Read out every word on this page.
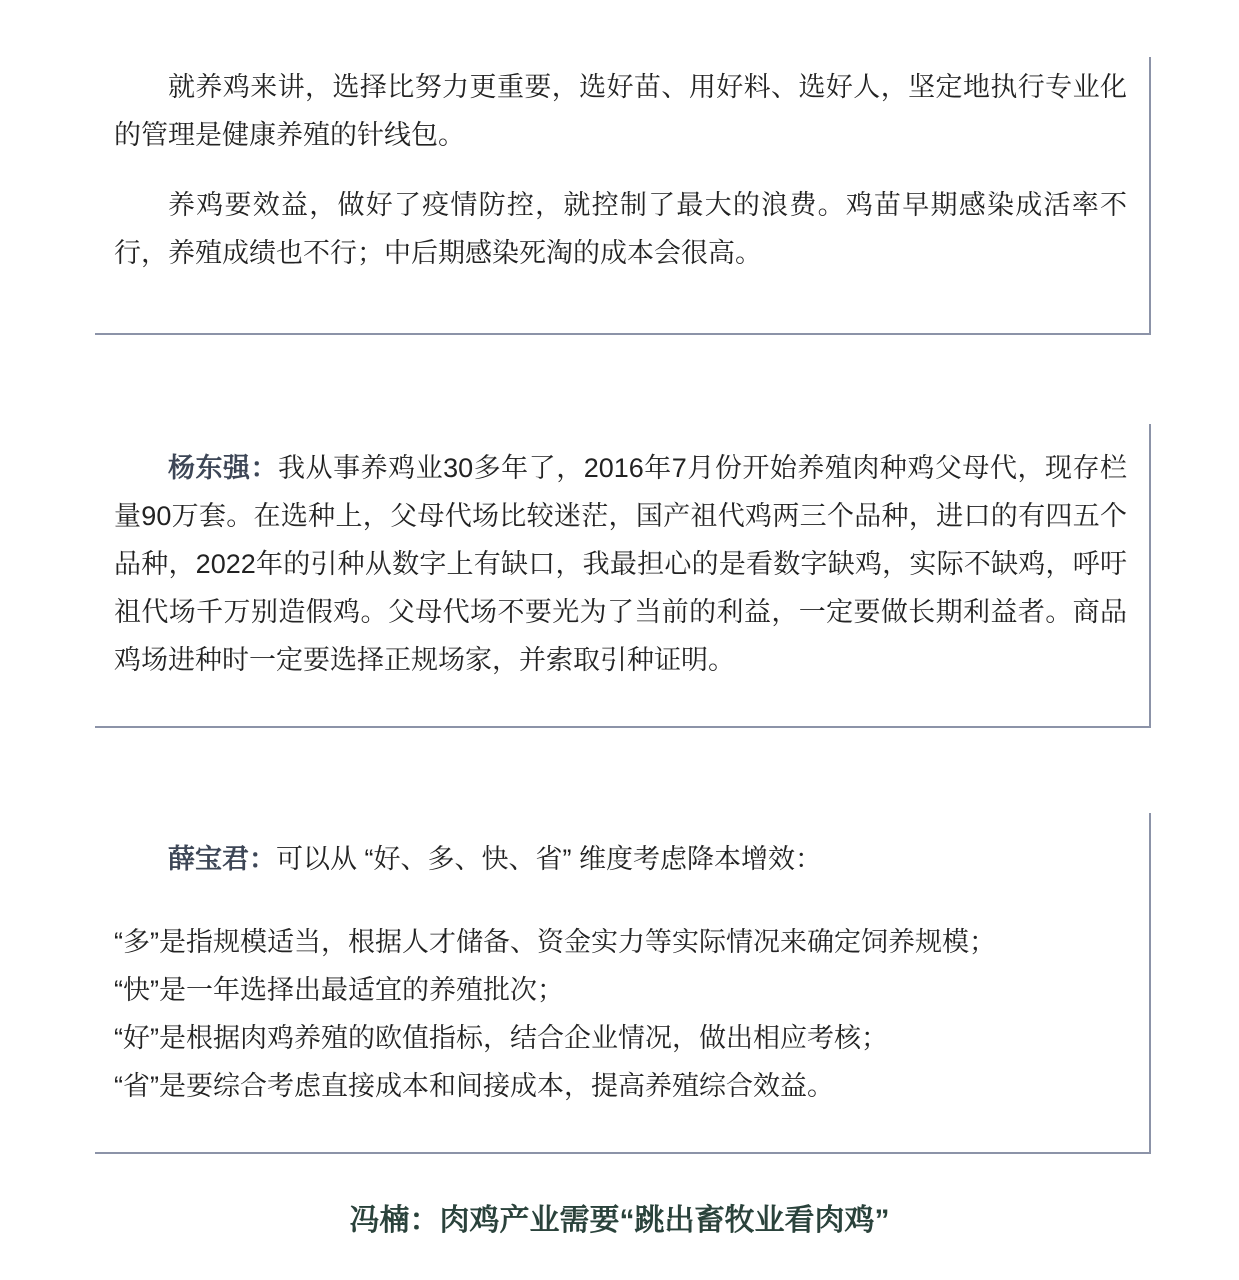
就养鸡来讲，选择比努力更重要，选好苗、用好料、选好人，坚定地执行专业化的管理是健康养殖的针线包。

养鸡要效益，做好了疫情防控，就控制了最大的浪费。鸡苗早期感染成活率不行，养殖成绩也不行；中后期感染死淘的成本会很高。

杨东强：我从事养鸡业30多年了，2016年7月份开始养殖肉种鸡父母代，现存栏量90万套。在选种上，父母代场比较迷茫，国产祖代鸡两三个品种，进口的有四五个品种，2022年的引种从数字上有缺口，我最担心的是看数字缺鸡，实际不缺鸡，呼吁祖代场千万别造假鸡。父母代场不要光为了当前的利益，一定要做长期利益者。商品鸡场进种时一定要选择正规场家，并索取引种证明。

薛宝君：可以从 “好、多、快、省” 维度考虑降本增效：

“多”是指规模适当，根据人才储备、资金实力等实际情况来确定饲养规模；

“快”是一年选择出最适宜的养殖批次；

“好”是根据肉鸡养殖的欧值指标，结合企业情况，做出相应考核；

“省”是要综合考虑直接成本和间接成本，提高养殖综合效益。

冯楠：肉鸡产业需要“跳出畜牧业看肉鸡”
